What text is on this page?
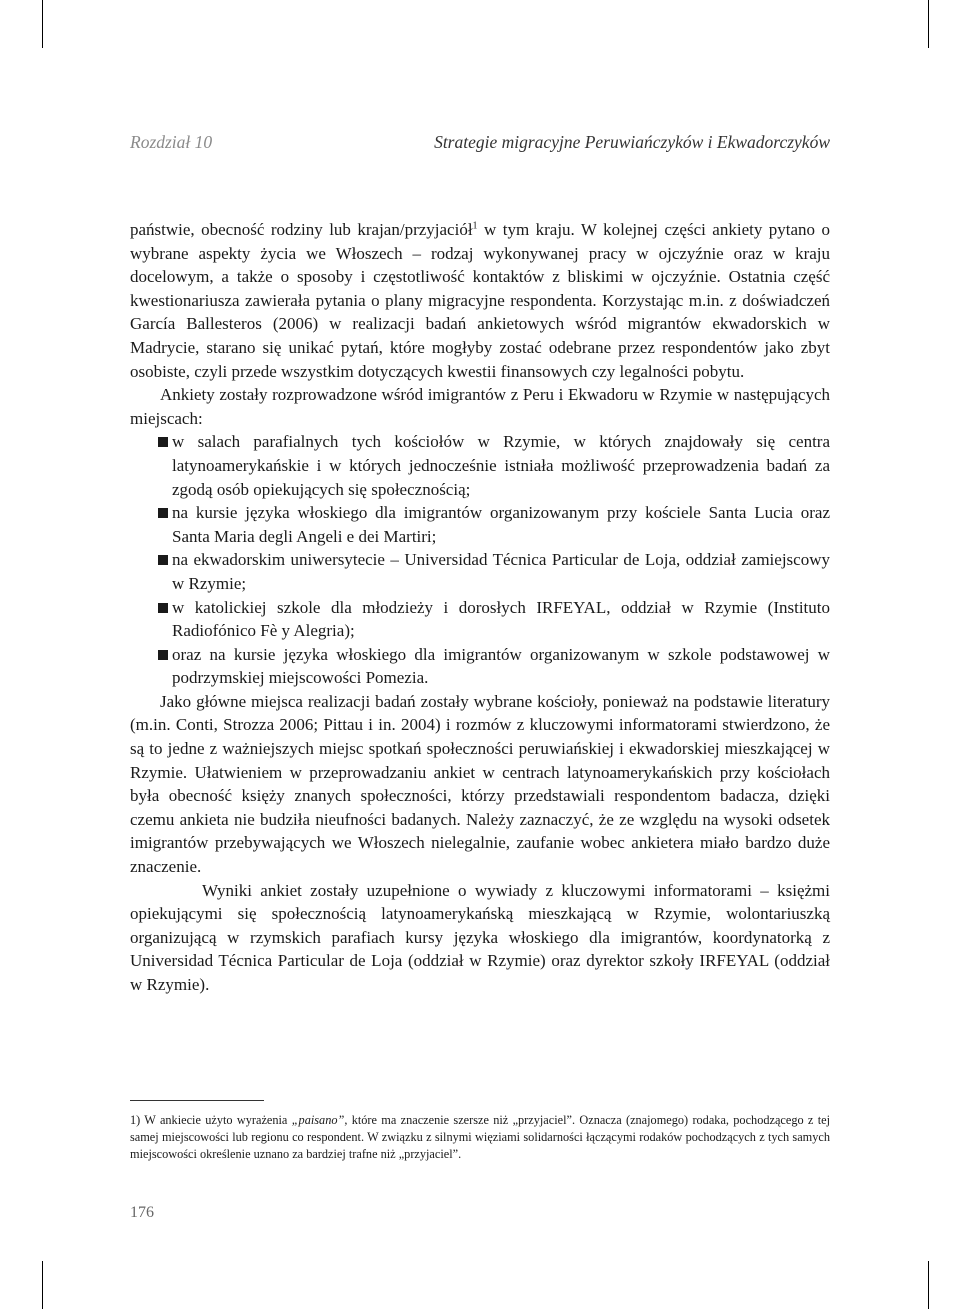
Rozdział 10	Strategie migracyjne Peruwiańczyków i Ekwadorczyków

państwie, obecność rodziny lub krajan/przyjaciół$^1$ w tym kraju. W kolejnej części ankiety pytano o wybrane aspekty życia we Włoszech – rodzaj wykonywanej pracy w ojczyźnie oraz w kraju docelowym, a także o sposoby i częstotliwość kontaktów z bliskimi w ojczyźnie. Ostatnia część kwestionariusza zawierała pytania o plany migracyjne respondenta. Korzystając m.in. z doświadczeń García Ballesteros (2006) w realizacji badań ankietowych wśród migrantów ekwadorskich w Madrycie, starano się unikać pytań, które mogłyby zostać odebrane przez respondentów jako zbyt osobiste, czyli przede wszystkim dotyczących kwestii finansowych czy legalności pobytu.

Ankiety zostały rozprowadzone wśród imigrantów z Peru i Ekwadoru w Rzymie w następujących miejscach:

w salach parafialnych tych kościołów w Rzymie, w których znajdowały się centra latynoamerykańskie i w których jednocześnie istniała możliwość przeprowadzenia badań za zgodą osób opiekujących się społecznością;
na kursie języka włoskiego dla imigrantów organizowanym przy kościele Santa Lucia oraz Santa Maria degli Angeli e dei Martiri;
na ekwadorskim uniwersytecie – Universidad Técnica Particular de Loja, oddział zamiejscowy w Rzymie;
w katolickiej szkole dla młodzieży i dorosłych IRFEYAL, oddział w Rzymie (Instituto Radiofónico Fè y Alegria);
oraz na kursie języka włoskiego dla imigrantów organizowanym w szkole podstawowej w podrzymskiej miejscowości Pomezia.

Jako główne miejsca realizacji badań zostały wybrane kościoły, ponieważ na podstawie literatury (m.in. Conti, Strozza 2006; Pittau i in. 2004) i rozmów z kluczowymi informatorami stwierdzono, że są to jedne z ważniejszych miejsc spotkań społeczności peruwiańskiej i ekwadorskiej mieszkającej w Rzymie. Ułatwieniem w przeprowadzaniu ankiet w centrach latynoamerykańskich przy kościołach była obecność księży znanych społeczności, którzy przedstawiali respondentom badacza, dzięki czemu ankieta nie budziła nieufności badanych. Należy zaznaczyć, że ze względu na wysoki odsetek imigrantów przebywających we Włoszech nielegalnie, zaufanie wobec ankietera miało bardzo duże znaczenie.

Wyniki ankiet zostały uzupełnione o wywiady z kluczowymi informatorami – księżmi opiekującymi się społecznością latynoamerykańską mieszkającą w Rzymie, wolontariuszką organizującą w rzymskich parafiach kursy języka włoskiego dla imigrantów, koordynatorką z Universidad Técnica Particular de Loja (oddział w Rzymie) oraz dyrektor szkoły IRFEYAL (oddział w Rzymie).

1) W ankiecie użyto wyrażenia „paisano”, które ma znaczenie szersze niż „przyjaciel”. Oznacza (znajomego) rodaka, pochodzącego z tej samej miejscowości lub regionu co respondent. W związku z silnymi więziami solidarności łączącymi rodaków pochodzących z tych samych miejscowości określenie uznano za bardziej trafne niż „przyjaciel”.
176
